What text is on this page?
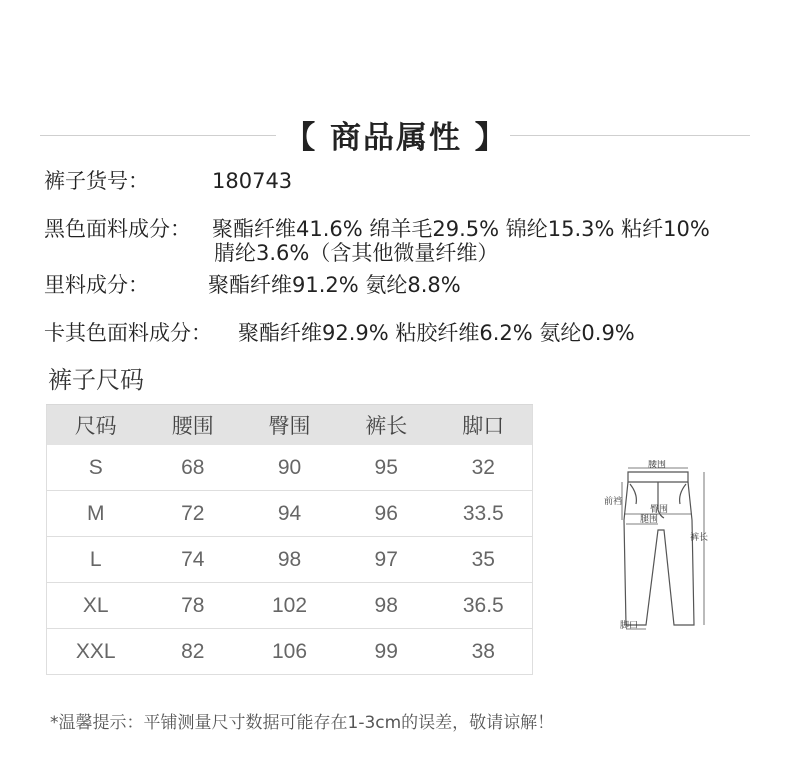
【 商品属性 】
裤子货号：	180743
黑色面料成分： 聚酯纤维41.6% 绵羊毛29.5% 锦纶15.3% 粘纤10%
腈纶3.6%（含其他微量纤维）
里料成分：	聚酯纤维91.2% 氨纶8.8%
卡其色面料成分： 聚酯纤维92.9% 粘胶纤维6.2% 氨纶0.9%
裤子尺码
尺码	腰围	臀围	裤长	脚口
S	68	90	95	32
M	72	94	96	33.5
L	74	98	97	35
XL	78	102	98	36.5
XXL	82	106	99	38
腰围
前裆
臀围
腿围
裤长
脚口
*温馨提示：平铺测量尺寸数据可能存在1-3cm的误差，敬请谅解！
